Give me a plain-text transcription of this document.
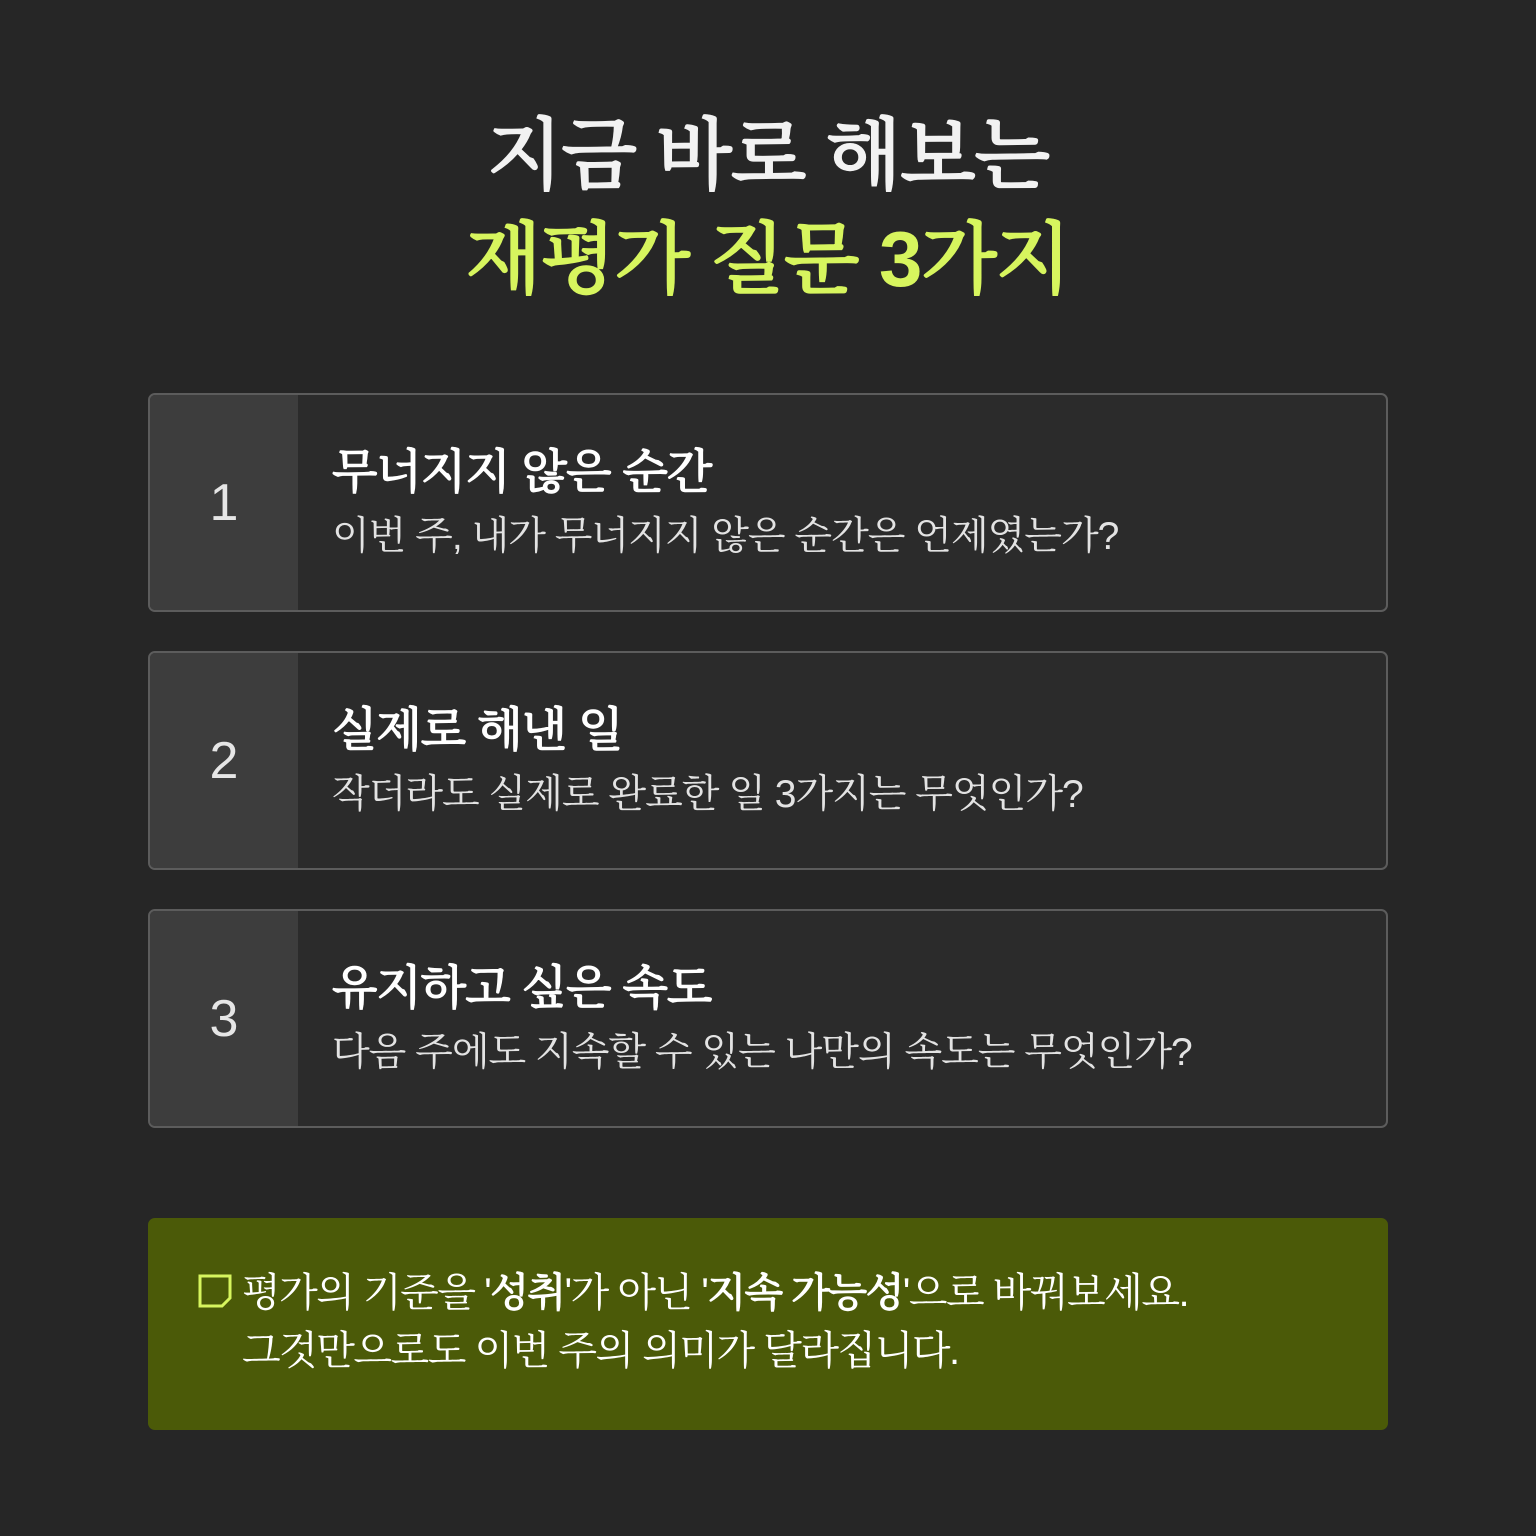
지금 바로 해보는
재평가 질문 3가지
1
무너지지 않은 순간
이번 주, 내가 무너지지 않은 순간은 언제였는가?
2
실제로 해낸 일
작더라도 실제로 완료한 일 3가지는 무엇인가?
3
유지하고 싶은 속도
다음 주에도 지속할 수 있는 나만의 속도는 무엇인가?
평가의 기준을 '성취'가 아닌 '지속 가능성'으로 바꿔보세요.
그것만으로도 이번 주의 의미가 달라집니다.
